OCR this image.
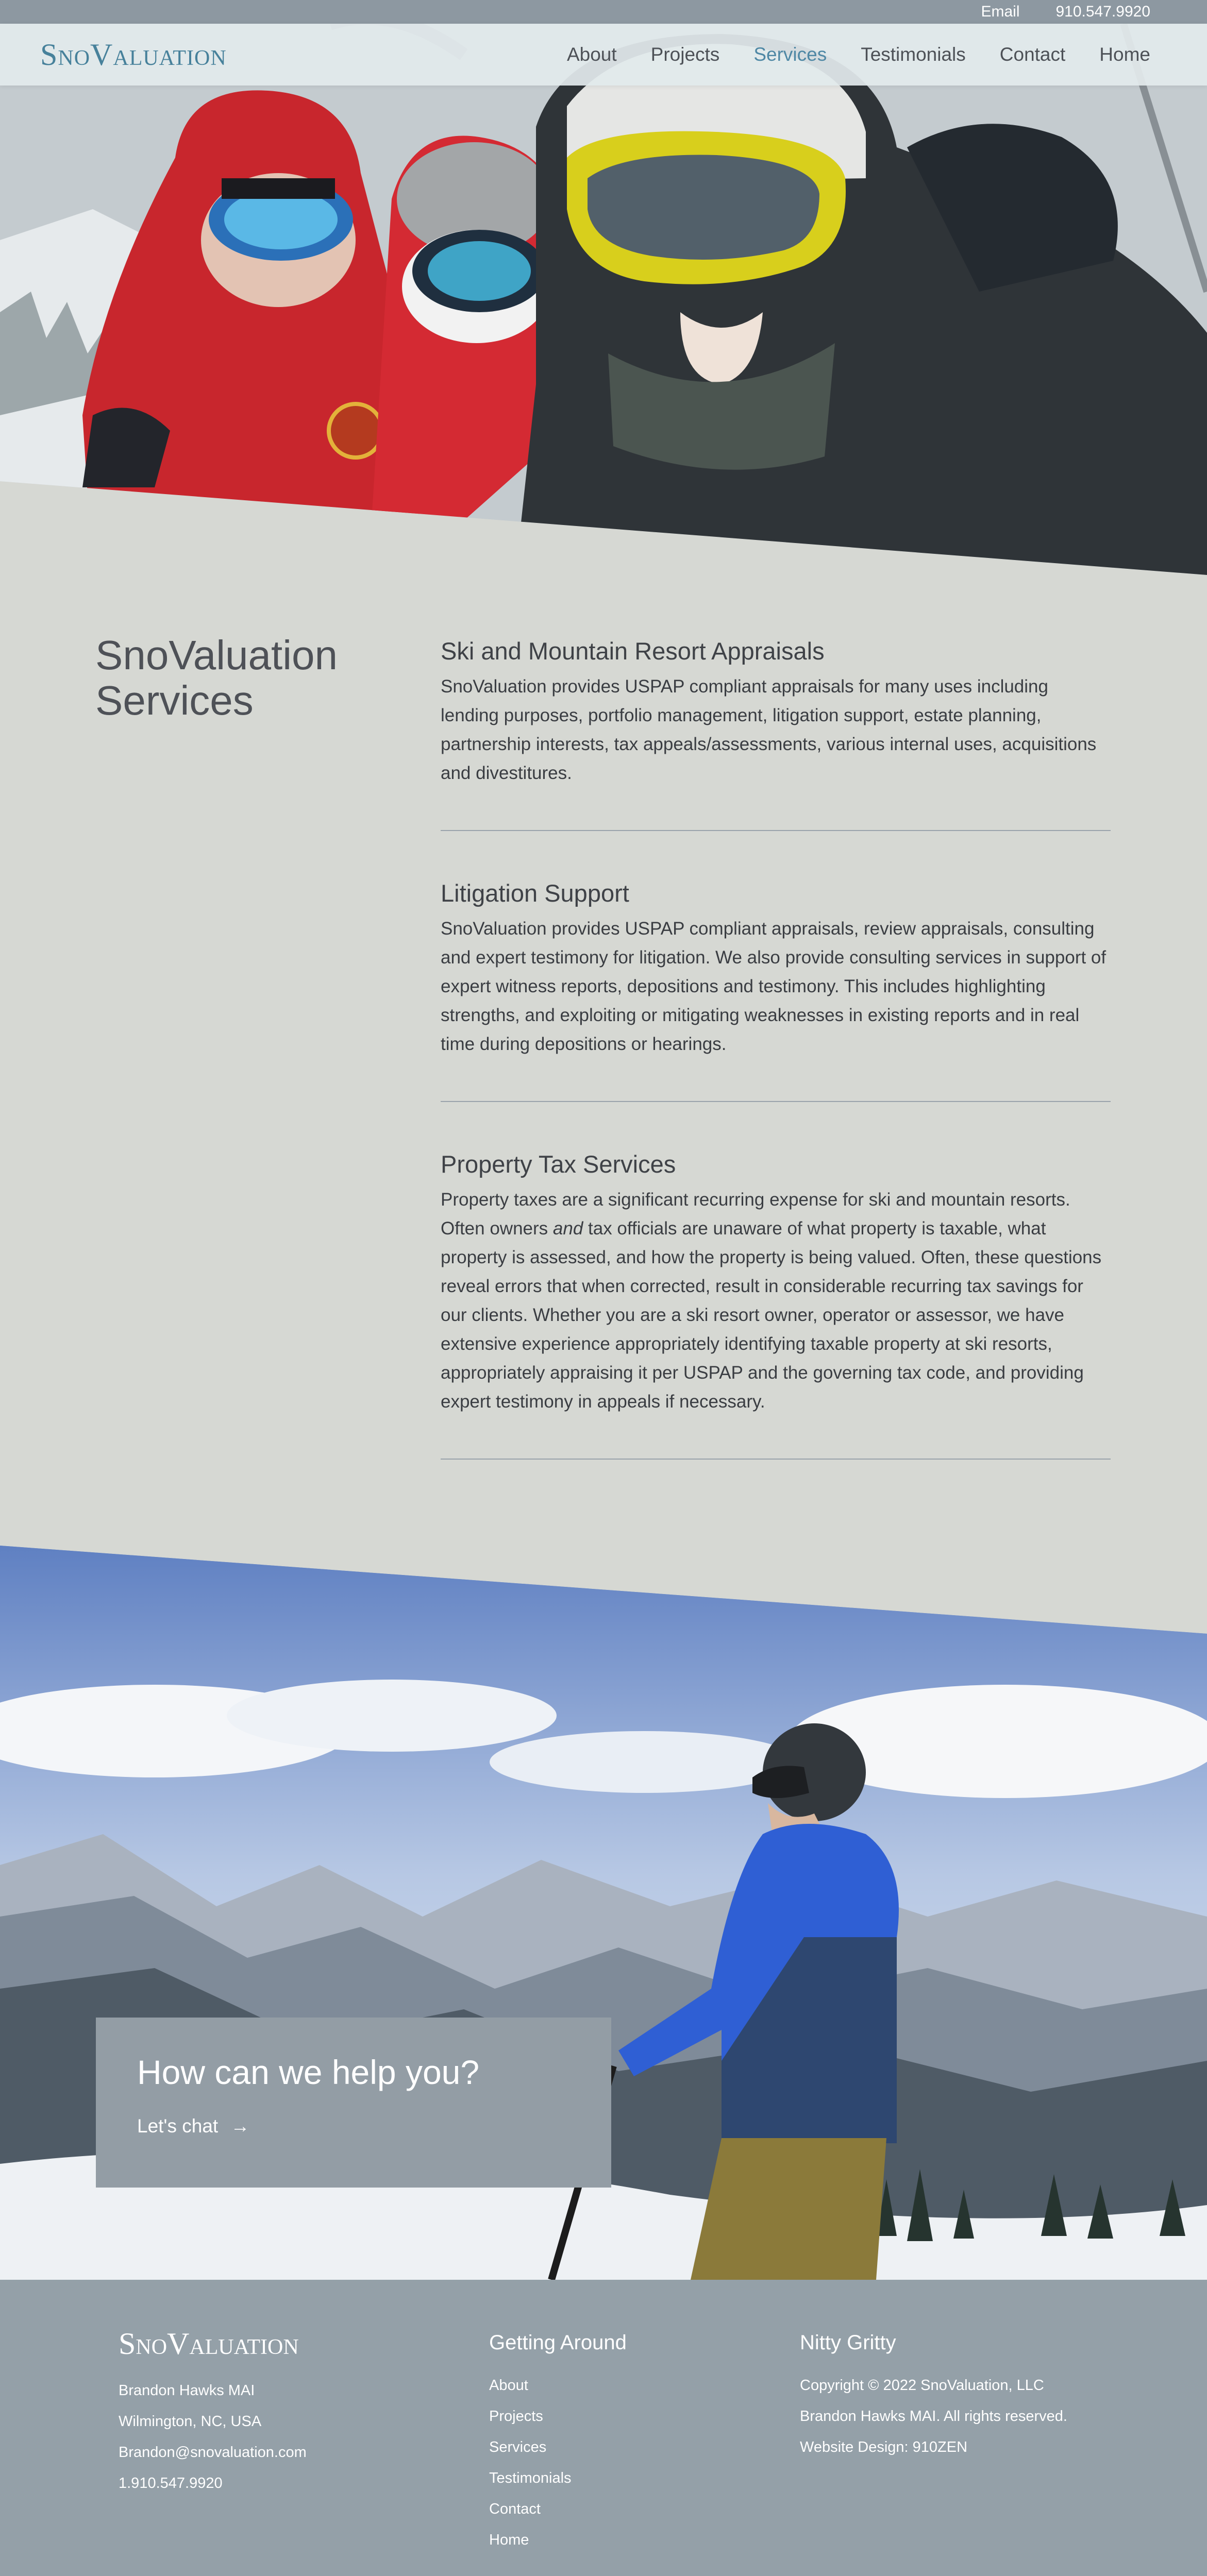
Email 910.547.9920
SnoValuation	About Projects Services Testimonials Contact Home
SnoValuation
Services
Ski and Mountain Resort Appraisals

SnoValuation provides USPAP compliant appraisals for many uses including lending purposes, portfolio management, litigation support, estate planning, partnership interests, tax appeals/assessments, various internal uses, acquisitions and divestitures.

Litigation Support

SnoValuation provides USPAP compliant appraisals, review appraisals, consulting and expert testimony for litigation. We also provide consulting services in support of expert witness reports, depositions and testimony. This includes highlighting strengths, and exploiting or mitigating weaknesses in existing reports and in real time during depositions or hearings.

Property Tax Services

Property taxes are a significant recurring expense for ski and mountain resorts. Often owners and tax officials are unaware of what property is taxable, what property is assessed, and how the property is being valued. Often, these questions reveal errors that when corrected, result in considerable recurring tax savings for our clients. Whether you are a ski resort owner, operator or assessor, we have extensive experience appropriately identifying taxable property at ski resorts, appropriately appraising it per USPAP and the governing tax code, and providing expert testimony in appeals if necessary.

How can we help you?
Let's chat →
SnoValuation
Brandon Hawks MAI
Wilmington, NC, USA
Brandon@snovaluation.com
1.910.547.9920
Getting Around
About
Projects
Services
Testimonials
Contact
Home
Nitty Gritty
Copyright © 2022 SnoValuation, LLC
Brandon Hawks MAI. All rights reserved.
Website Design: 910ZEN
